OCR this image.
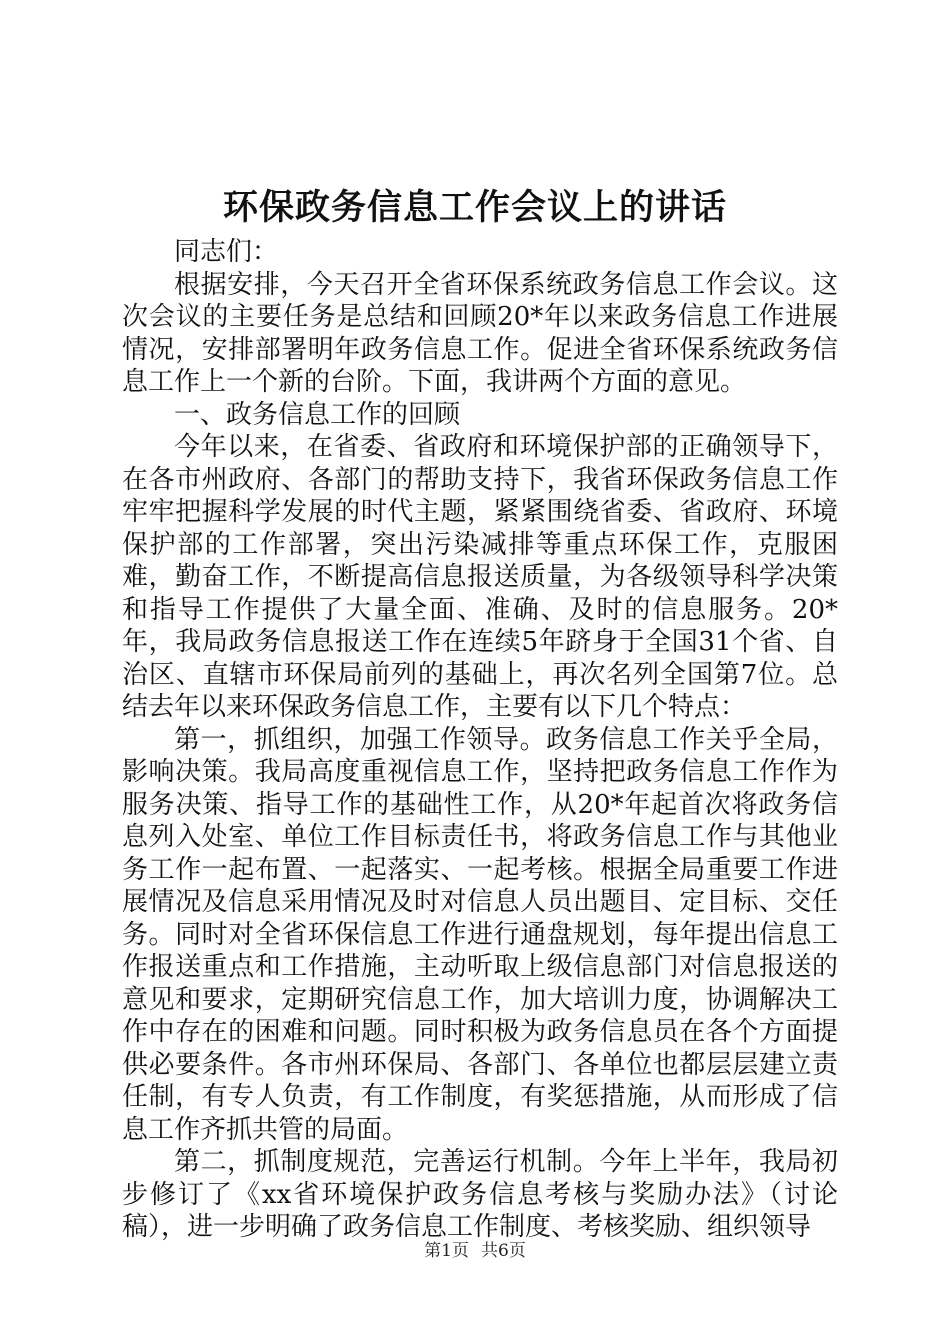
环保政务信息工作会议上的讲话

同志们：

根据安排，今天召开全省环保系统政务信息工作会议。这次会议的主要任务是总结和回顾20*年以来政务信息工作进展情况，安排部署明年政务信息工作。促进全省环保系统政务信息工作上一个新的台阶。下面，我讲两个方面的意见。

一、政务信息工作的回顾

今年以来，在省委、省政府和环境保护部的正确领导下，在各市州政府、各部门的帮助支持下，我省环保政务信息工作牢牢把握科学发展的时代主题，紧紧围绕省委、省政府、环境保护部的工作部署，突出污染减排等重点环保工作，克服困难，勤奋工作，不断提高信息报送质量，为各级领导科学决策和指导工作提供了大量全面、准确、及时的信息服务。20*年，我局政务信息报送工作在连续5年跻身于全国31个省、自治区、直辖市环保局前列的基础上，再次名列全国第7位。总结去年以来环保政务信息工作，主要有以下几个特点：

第一，抓组织，加强工作领导。政务信息工作关乎全局，影响决策。我局高度重视信息工作，坚持把政务信息工作作为服务决策、指导工作的基础性工作，从20*年起首次将政务信息列入处室、单位工作目标责任书，将政务信息工作与其他业务工作一起布置、一起落实、一起考核。根据全局重要工作进展情况及信息采用情况及时对信息人员出题目、定目标、交任务。同时对全省环保信息工作进行通盘规划，每年提出信息工作报送重点和工作措施，主动听取上级信息部门对信息报送的意见和要求，定期研究信息工作，加大培训力度，协调解决工作中存在的困难和问题。同时积极为政务信息员在各个方面提供必要条件。各市州环保局、各部门、各单位也都层层建立责任制，有专人负责，有工作制度，有奖惩措施，从而形成了信息工作齐抓共管的局面。

第二，抓制度规范，完善运行机制。今年上半年，我局初步修订了《xx省环境保护政务信息考核与奖励办法》（讨论稿），进一步明确了政务信息工作制度、考核奖励、组织领导

第1页 共6页
